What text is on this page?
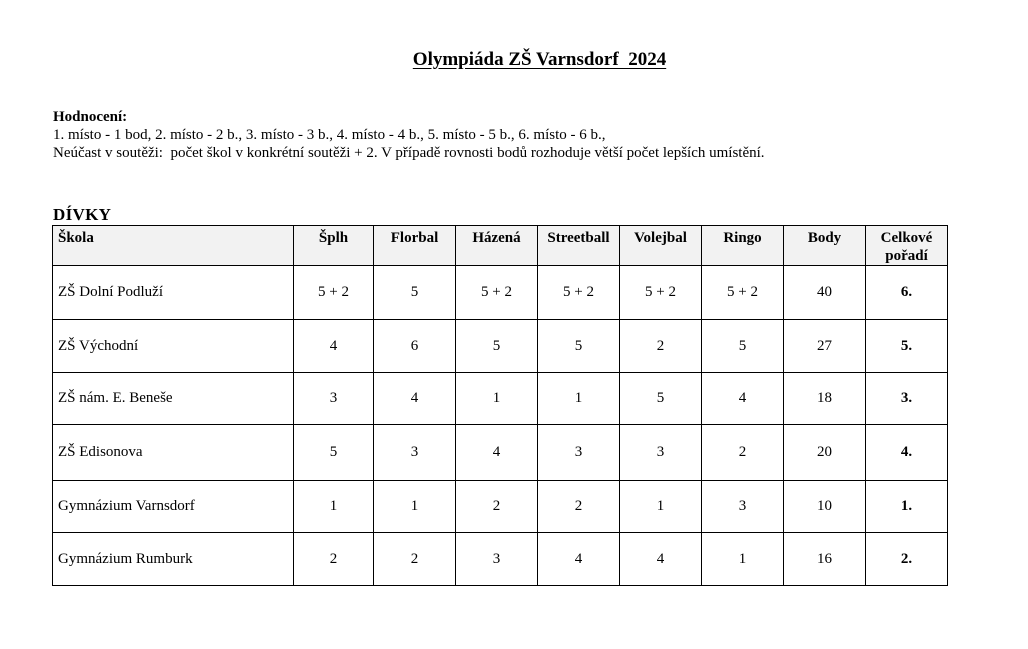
Olympiáda ZŠ Varnsdorf  2024
Hodnocení:
1. místo - 1 bod, 2. místo - 2 b., 3. místo - 3 b., 4. místo - 4 b., 5. místo - 5 b., 6. místo - 6 b.,
Neúčast v soutěži:  počet škol v konkrétní soutěži + 2. V případě rovnosti bodů rozhoduje větší počet lepších umístění.
DÍVKY
Škola	Šplh	Florbal	Házená	Streetball	Volejbal	Ringo	Body	Celkové pořadí
ZŠ Dolní Podluží	5 + 2	5	5 + 2	5 + 2	5 + 2	5 + 2	40	6.
ZŠ Východní	4	6	5	5	2	5	27	5.
ZŠ nám. E. Beneše	3	4	1	1	5	4	18	3.
ZŠ Edisonova	5	3	4	3	3	2	20	4.
Gymnázium Varnsdorf	1	1	2	2	1	3	10	1.
Gymnázium Rumburk	2	2	3	4	4	1	16	2.
